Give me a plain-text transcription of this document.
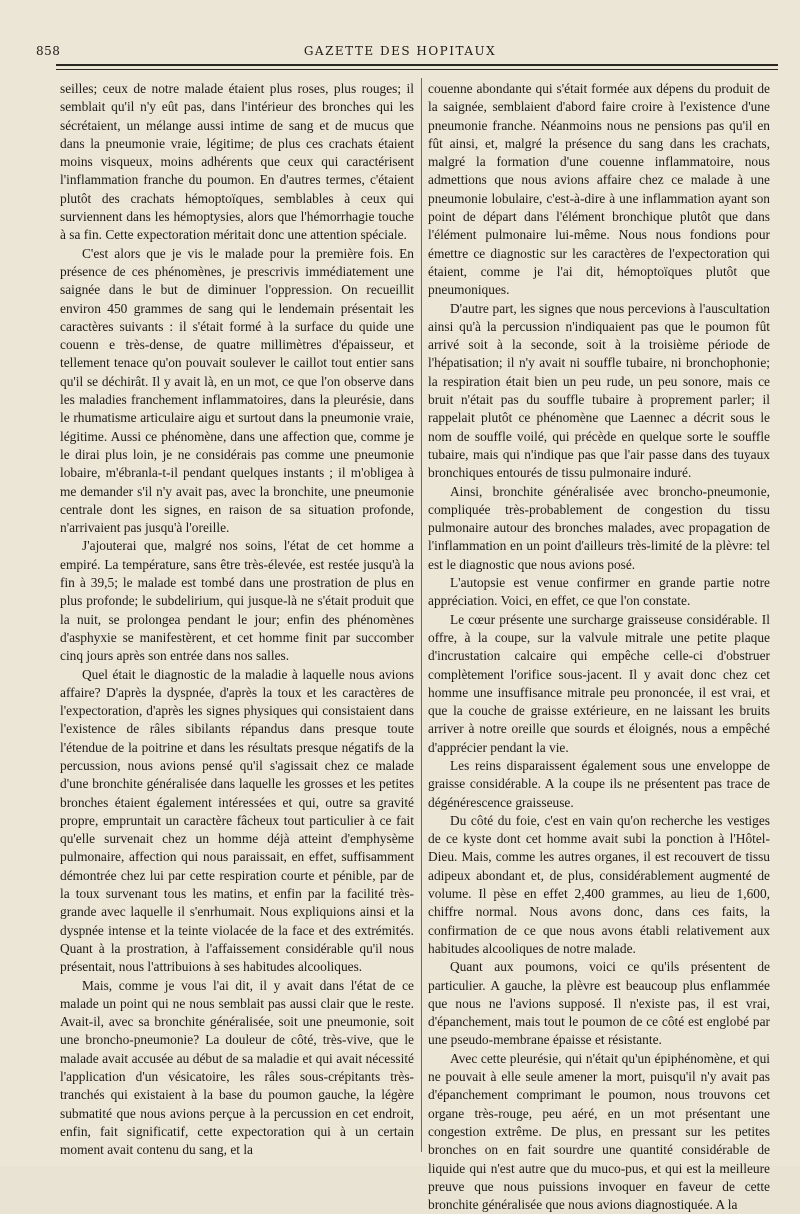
858	GAZETTE DES HOPITAUX

seilles; ceux de notre malade étaient plus roses, plus rouges; il semblait qu'il n'y eût pas, dans l'intérieur des bronches qui les sécrétaient, un mélange aussi intime de sang et de mucus que dans la pneumonie vraie, légitime; de plus ces crachats étaient moins visqueux, moins adhérents que ceux qui caractérisent l'inflammation franche du poumon. En d'autres termes, c'étaient plutôt des crachats hémoptoïques, semblables à ceux qui surviennent dans les hémoptysies, alors que l'hémorrhagie touche à sa fin. Cette expectoration méritait donc une attention spéciale.

C'est alors que je vis le malade pour la première fois. En présence de ces phénomènes, je prescrivis immédiatement une saignée dans le but de diminuer l'oppression. On recueillit environ 450 grammes de sang qui le lendemain présentait les caractères suivants : il s'était formé à la surface du quide une couenn e très-dense, de quatre millimètres d'épaisseur, et tellement tenace qu'on pouvait soulever le caillot tout entier sans qu'il se déchirât. Il y avait là, en un mot, ce que l'on observe dans les maladies franchement inflammatoires, dans la pleurésie, dans le rhumatisme articulaire aigu et surtout dans la pneumonie vraie, légitime. Aussi ce phénomène, dans une affection que, comme je le dirai plus loin, je ne considérais pas comme une pneumonie lobaire, m'ébranla-t-il pendant quelques instants ; il m'obligea à me demander s'il n'y avait pas, avec la bronchite, une pneumonie centrale dont les signes, en raison de sa situation profonde, n'arrivaient pas jusqu'à l'oreille.

J'ajouterai que, malgré nos soins, l'état de cet homme a empiré. La température, sans être très-élevée, est restée jusqu'à la fin à 39,5; le malade est tombé dans une prostration de plus en plus profonde; le subdelirium, qui jusque-là ne s'était produit que la nuit, se prolongea pendant le jour; enfin des phénomènes d'asphyxie se manifestèrent, et cet homme finit par succomber cinq jours après son entrée dans nos salles.

Quel était le diagnostic de la maladie à laquelle nous avions affaire? D'après la dyspnée, d'après la toux et les caractères de l'expectoration, d'après les signes physiques qui consistaient dans l'existence de râles sibilants répandus dans presque toute l'étendue de la poitrine et dans les résultats presque négatifs de la percussion, nous avions pensé qu'il s'agissait chez ce malade d'une bronchite généralisée dans laquelle les grosses et les petites bronches étaient également intéressées et qui, outre sa gravité propre, empruntait un caractère fâcheux tout particulier à ce fait qu'elle survenait chez un homme déjà atteint d'emphysème pulmonaire, affection qui nous paraissait, en effet, suffisamment démontrée chez lui par cette respiration courte et pénible, par de la toux survenant tous les matins, et enfin par la facilité très-grande avec laquelle il s'enrhumait. Nous expliquions ainsi et la dyspnée intense et la teinte violacée de la face et des extrémités. Quant à la prostration, à l'affaissement considérable qu'il nous présentait, nous l'attribuions à ses habitudes alcooliques.

Mais, comme je vous l'ai dit, il y avait dans l'état de ce malade un point qui ne nous semblait pas aussi clair que le reste. Avait-il, avec sa bronchite généralisée, soit une pneumonie, soit une broncho-pneumonie? La douleur de côté, très-vive, que le malade avait accusée au début de sa maladie et qui avait nécessité l'application d'un vésicatoire, les râles sous-crépitants très-tranchés qui existaient à la base du poumon gauche, la légère submatité que nous avions perçue à la percussion en cet endroit, enfin, fait significatif, cette expectoration qui à un certain moment avait contenu du sang, et la

couenne abondante qui s'était formée aux dépens du produit de la saignée, semblaient d'abord faire croire à l'existence d'une pneumonie franche. Néanmoins nous ne pensions pas qu'il en fût ainsi, et, malgré la présence du sang dans les crachats, malgré la formation d'une couenne inflammatoire, nous admettions que nous avions affaire chez ce malade à une pneumonie lobulaire, c'est-à-dire à une inflammation ayant son point de départ dans l'élément bronchique plutôt que dans l'élément pulmonaire lui-même. Nous nous fondions pour émettre ce diagnostic sur les caractères de l'expectoration qui étaient, comme je l'ai dit, hémoptoïques plutôt que pneumoniques.

D'autre part, les signes que nous percevions à l'auscultation ainsi qu'à la percussion n'indiquaient pas que le poumon fût arrivé soit à la seconde, soit à la troisième période de l'hépatisation; il n'y avait ni souffle tubaire, ni bronchophonie; la respiration était bien un peu rude, un peu sonore, mais ce bruit n'était pas du souffle tubaire à proprement parler; il rappelait plutôt ce phénomène que Laennec a décrit sous le nom de souffle voilé, qui précède en quelque sorte le souffle tubaire, mais qui n'indique pas que l'air passe dans des tuyaux bronchiques entourés de tissu pulmonaire induré.

Ainsi, bronchite généralisée avec broncho-pneumonie, compliquée très-probablement de congestion du tissu pulmonaire autour des bronches malades, avec propagation de l'inflammation en un point d'ailleurs très-limité de la plèvre: tel est le diagnostic que nous avions posé.

L'autopsie est venue confirmer en grande partie notre appréciation. Voici, en effet, ce que l'on constate.

Le cœur présente une surcharge graisseuse considérable. Il offre, à la coupe, sur la valvule mitrale une petite plaque d'incrustation calcaire qui empêche celle-ci d'obstruer complètement l'orifice sous-jacent. Il y avait donc chez cet homme une insuffisance mitrale peu prononcée, il est vrai, et que la couche de graisse extérieure, en ne laissant les bruits arriver à notre oreille que sourds et éloignés, nous a empêché d'apprécier pendant la vie.

Les reins disparaissent également sous une enveloppe de graisse considérable. A la coupe ils ne présentent pas trace de dégénérescence graisseuse.

Du côté du foie, c'est en vain qu'on recherche les vestiges de ce kyste dont cet homme avait subi la ponction à l'Hôtel-Dieu. Mais, comme les autres organes, il est recouvert de tissu adipeux abondant et, de plus, considérablement augmenté de volume. Il pèse en effet 2,400 grammes, au lieu de 1,600, chiffre normal. Nous avons donc, dans ces faits, la confirmation de ce que nous avons établi relativement aux habitudes alcooliques de notre malade.

Quant aux poumons, voici ce qu'ils présentent de particulier. A gauche, la plèvre est beaucoup plus enflammée que nous ne l'avions supposé. Il n'existe pas, il est vrai, d'épanchement, mais tout le poumon de ce côté est englobé par une pseudo-membrane épaisse et résistante.

Avec cette pleurésie, qui n'était qu'un épiphénomène, et qui ne pouvait à elle seule amener la mort, puisqu'il n'y avait pas d'épanchement comprimant le poumon, nous trouvons cet organe très-rouge, peu aéré, en un mot présentant une congestion extrême. De plus, en pressant sur les petites bronches on en fait sourdre une quantité considérable de liquide qui n'est autre que du muco-pus, et qui est la meilleure preuve que nous puissions invoquer en faveur de cette bronchite généralisée que nous avions diagnostiquée. A la
